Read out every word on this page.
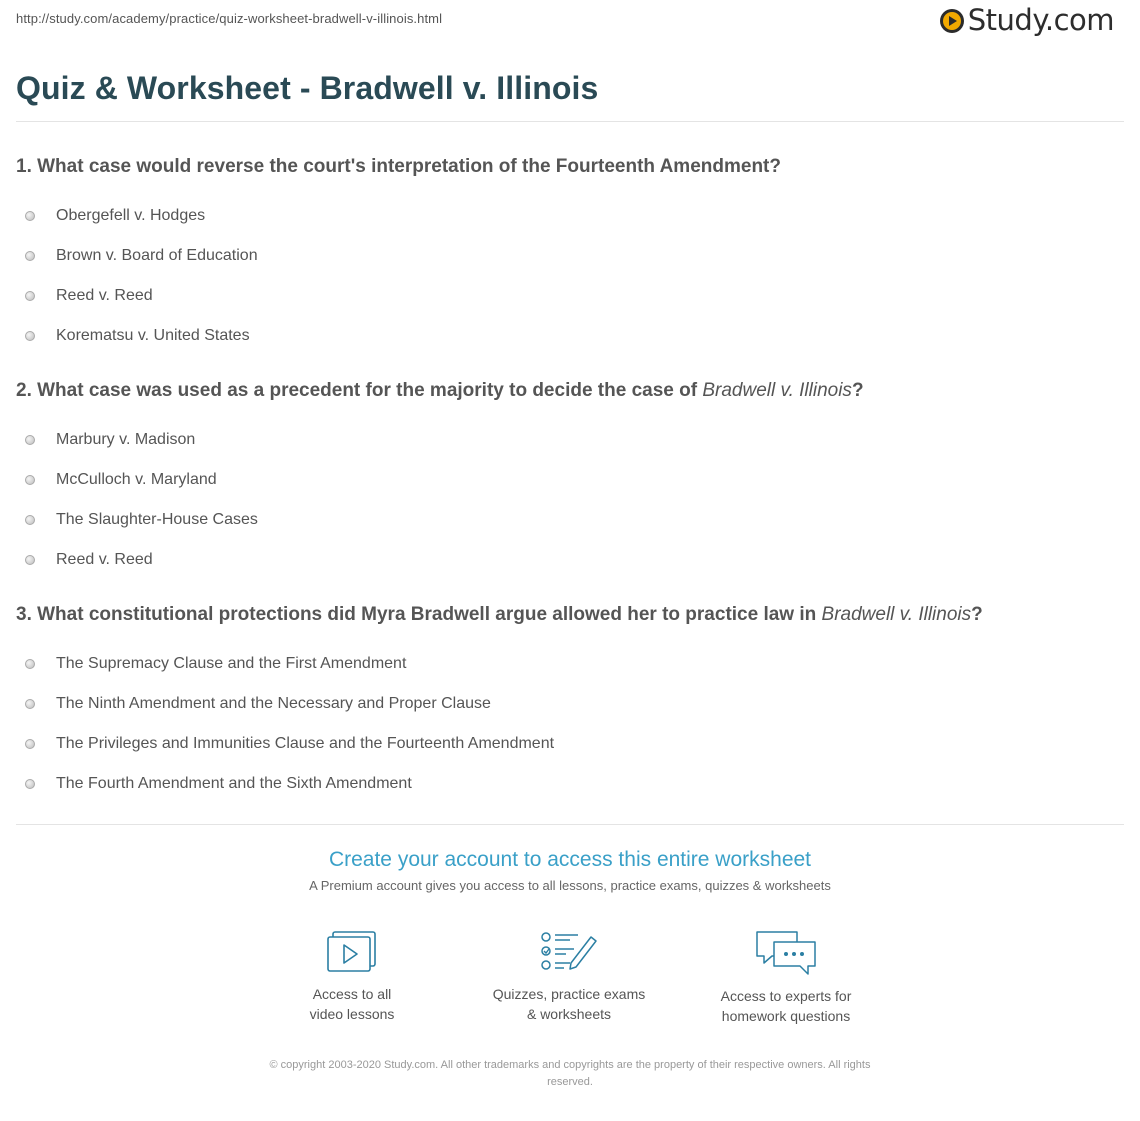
http://study.com/academy/practice/quiz-worksheet-bradwell-v-illinois.html	Study.com
Quiz & Worksheet - Bradwell v. Illinois
1. What case would reverse the court's interpretation of the Fourteenth Amendment?
Obergefell v. Hodges
Brown v. Board of Education
Reed v. Reed
Korematsu v. United States
2. What case was used as a precedent for the majority to decide the case of Bradwell v. Illinois?
Marbury v. Madison
McCulloch v. Maryland
The Slaughter-House Cases
Reed v. Reed
3. What constitutional protections did Myra Bradwell argue allowed her to practice law in Bradwell v. Illinois?
The Supremacy Clause and the First Amendment
The Ninth Amendment and the Necessary and Proper Clause
The Privileges and Immunities Clause and the Fourteenth Amendment
The Fourth Amendment and the Sixth Amendment
Create your account to access this entire worksheet
A Premium account gives you access to all lessons, practice exams, quizzes & worksheets
Access to all
video lessons
Quizzes, practice exams
& worksheets
Access to experts for
homework questions
© copyright 2003-2020 Study.com. All other trademarks and copyrights are the property of their respective owners. All rights
reserved.
